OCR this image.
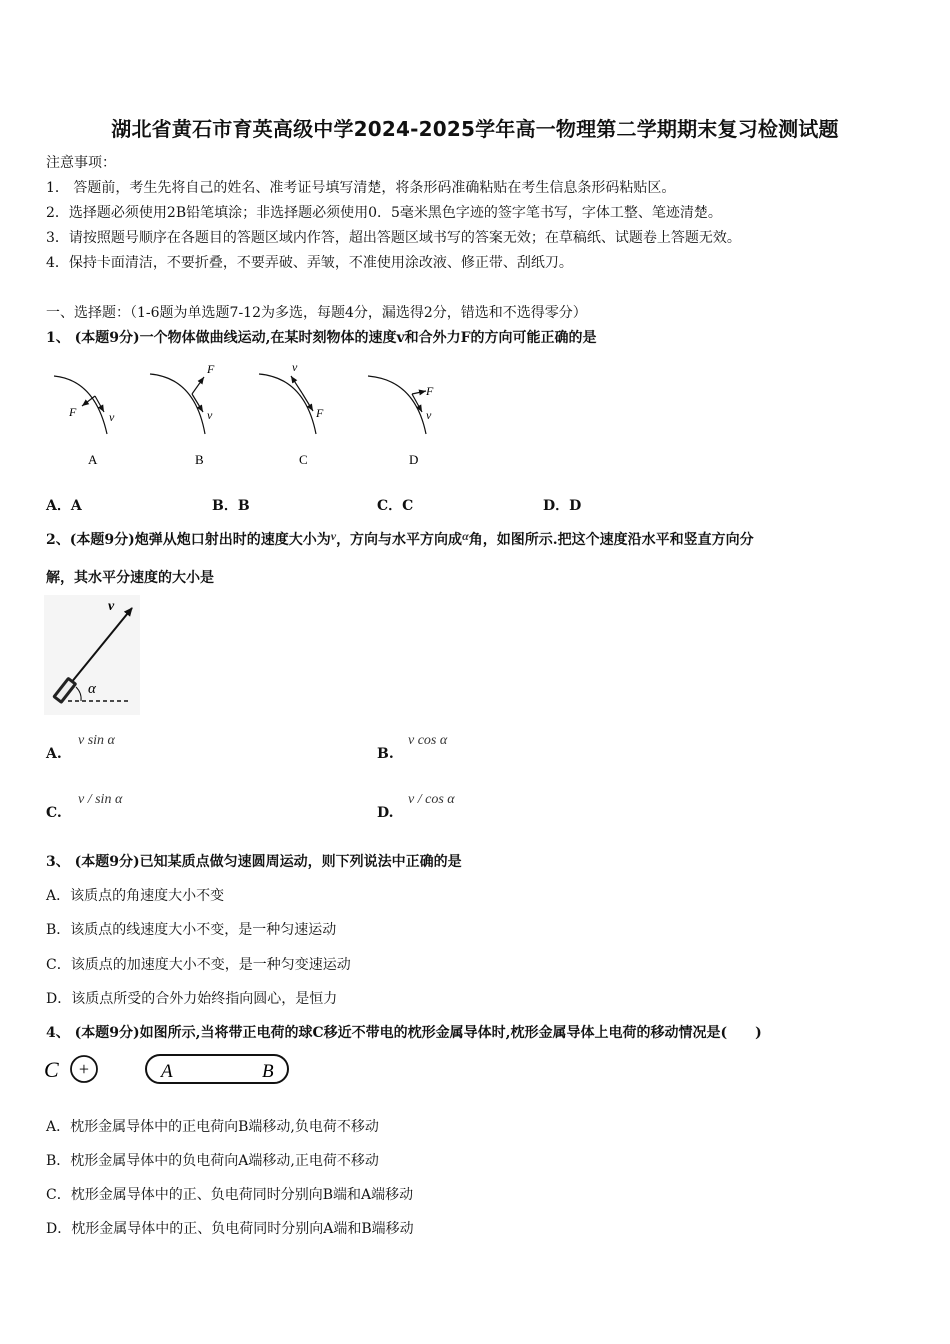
湖北省黄石市育英高级中学2024-2025学年高一物理第二学期期末复习检测试题
注意事项：
1． 答题前，考生先将自己的姓名、准考证号填写清楚，将条形码准确粘贴在考生信息条形码粘贴区。
2．选择题必须使用2B铅笔填涂；非选择题必须使用0．5毫米黑色字迹的签字笔书写，字体工整、笔迹清楚。
3．请按照题号顺序在各题目的答题区域内作答，超出答题区域书写的答案无效；在草稿纸、试题卷上答题无效。
4．保持卡面清洁，不要折叠，不要弄破、弄皱，不准使用涂改液、修正带、刮纸刀。
一、选择题：（1-6题为单选题7-12为多选，每题4分，漏选得2分，错选和不选得零分）
1、 (本题9分)一个物体做曲线运动,在某时刻物体的速度v和合外力F的方向可能正确的是
F	v
A
F
v
B
v
F
C
F
v
D
A．A	B．B	C．C	D．D
2、(本题9分)炮弹从炮口射出时的速度大小为v，方向与水平方向成α角，如图所示.把这个速度沿水平和竖直方向分
解，其水平分速度的大小是
α
v
A.
v sin α
B.
v cos α
C.
v / sin α
D.
v / cos α
3、 (本题9分)已知某质点做匀速圆周运动，则下列说法中正确的是
A．该质点的角速度大小不变
B．该质点的线速度大小不变，是一种匀速运动
C．该质点的加速度大小不变，是一种匀变速运动
D．该质点所受的合外力始终指向圆心，是恒力
4、 (本题9分)如图所示,当将带正电荷的球C移近不带电的枕形金属导体时,枕形金属导体上电荷的移动情况是(　　)
C +	A	B
A．枕形金属导体中的正电荷向B端移动,负电荷不移动
B．枕形金属导体中的负电荷向A端移动,正电荷不移动
C．枕形金属导体中的正、负电荷同时分别向B端和A端移动
D．枕形金属导体中的正、负电荷同时分别向A端和B端移动
